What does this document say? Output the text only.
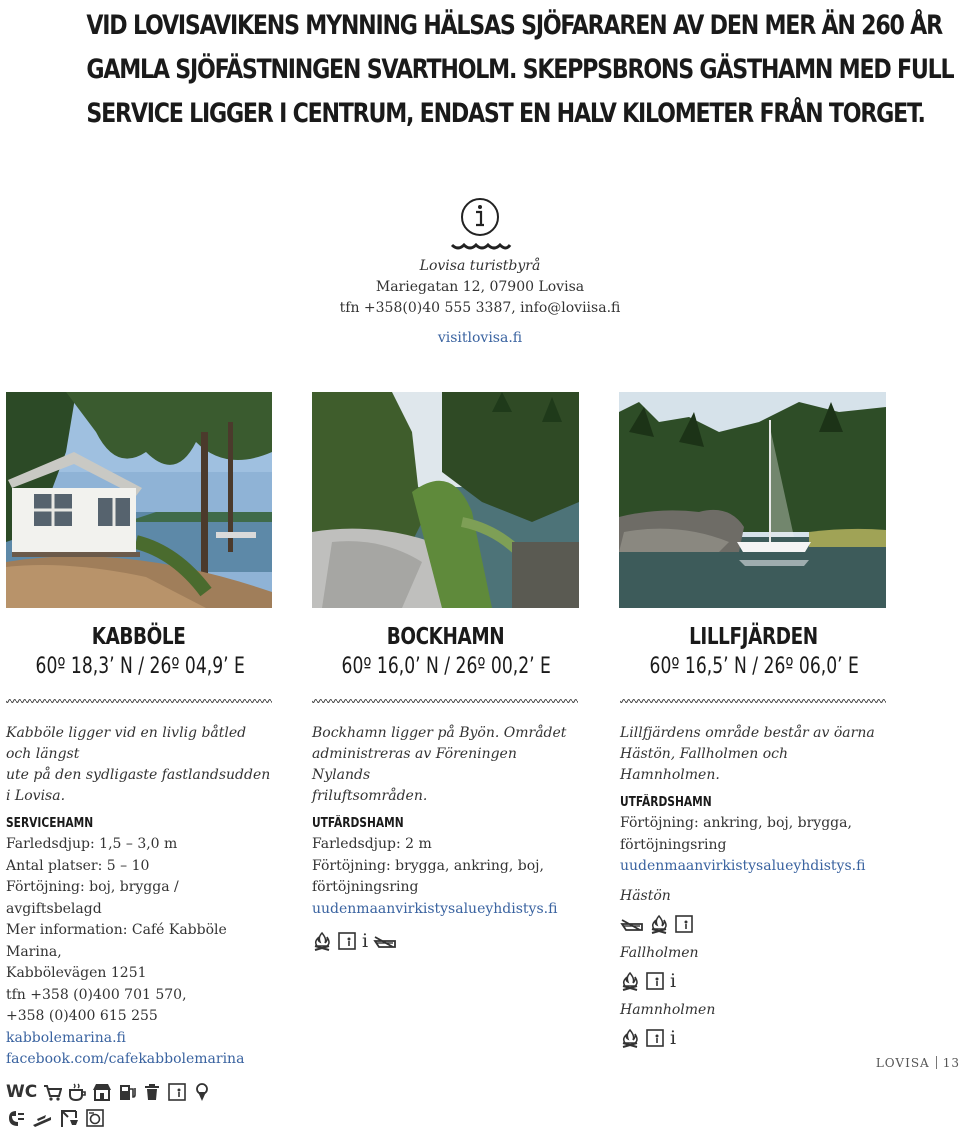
VID LOVISAVIKENS MYNNING HÄLSAS SJÖFARAREN AV DEN MER ÄN 260 ÅR
GAMLA SJÖFÄSTNINGEN SVARTHOLM. SKEPPSBRONS GÄSTHAMN MED FULL
SERVICE LIGGER I CENTRUM, ENDAST EN HALV KILOMETER FRÅN TORGET.
Lovisa turistbyrå
Mariegatan 12, 07900 Lovisa
tfn +358(0)40 555 3387, info@loviisa.fi
visitlovisa.fi
KABBÖLE
60º 18,3’ N / 26º 04,9’ E
Kabböle ligger vid en livlig båtled och längst
ute på den sydligaste fastlandsudden i Lovisa.
SERVICEHAMN
Farledsdjup: 1,5 – 3,0 m
Antal platser: 5 – 10
Förtöjning: boj, brygga / avgiftsbelagd
Mer information: Café Kabböle Marina,
Kabbölevägen 1251
tfn +358 (0)400 701 570,
+358 (0)400 615 255
kabbolemarina.fi
facebook.com/cafekabbolemarina
WC
BOCKHAMN
60º 16,0’ N / 26º 00,2’ E
Bockhamn ligger på Byön. Området
administreras av Föreningen Nylands
friluftsområden.
UTFÄRDSHAMN
Farledsdjup: 2 m
Förtöjning: brygga, ankring, boj,
förtöjningsring
uudenmaanvirkistysalueyhdistys.fi
i
LILLFJÄRDEN
60º 16,5’ N / 26º 06,0’ E
Lillfjärdens område består av öarna
Hästön, Fallholmen och Hamnholmen.
UTFÄRDSHAMN
Förtöjning: ankring, boj, brygga,
förtöjningsring
uudenmaanvirkistysalueyhdistys.fi
Hästön
Fallholmen
i
Hamnholmen
i
LOVISA 13
